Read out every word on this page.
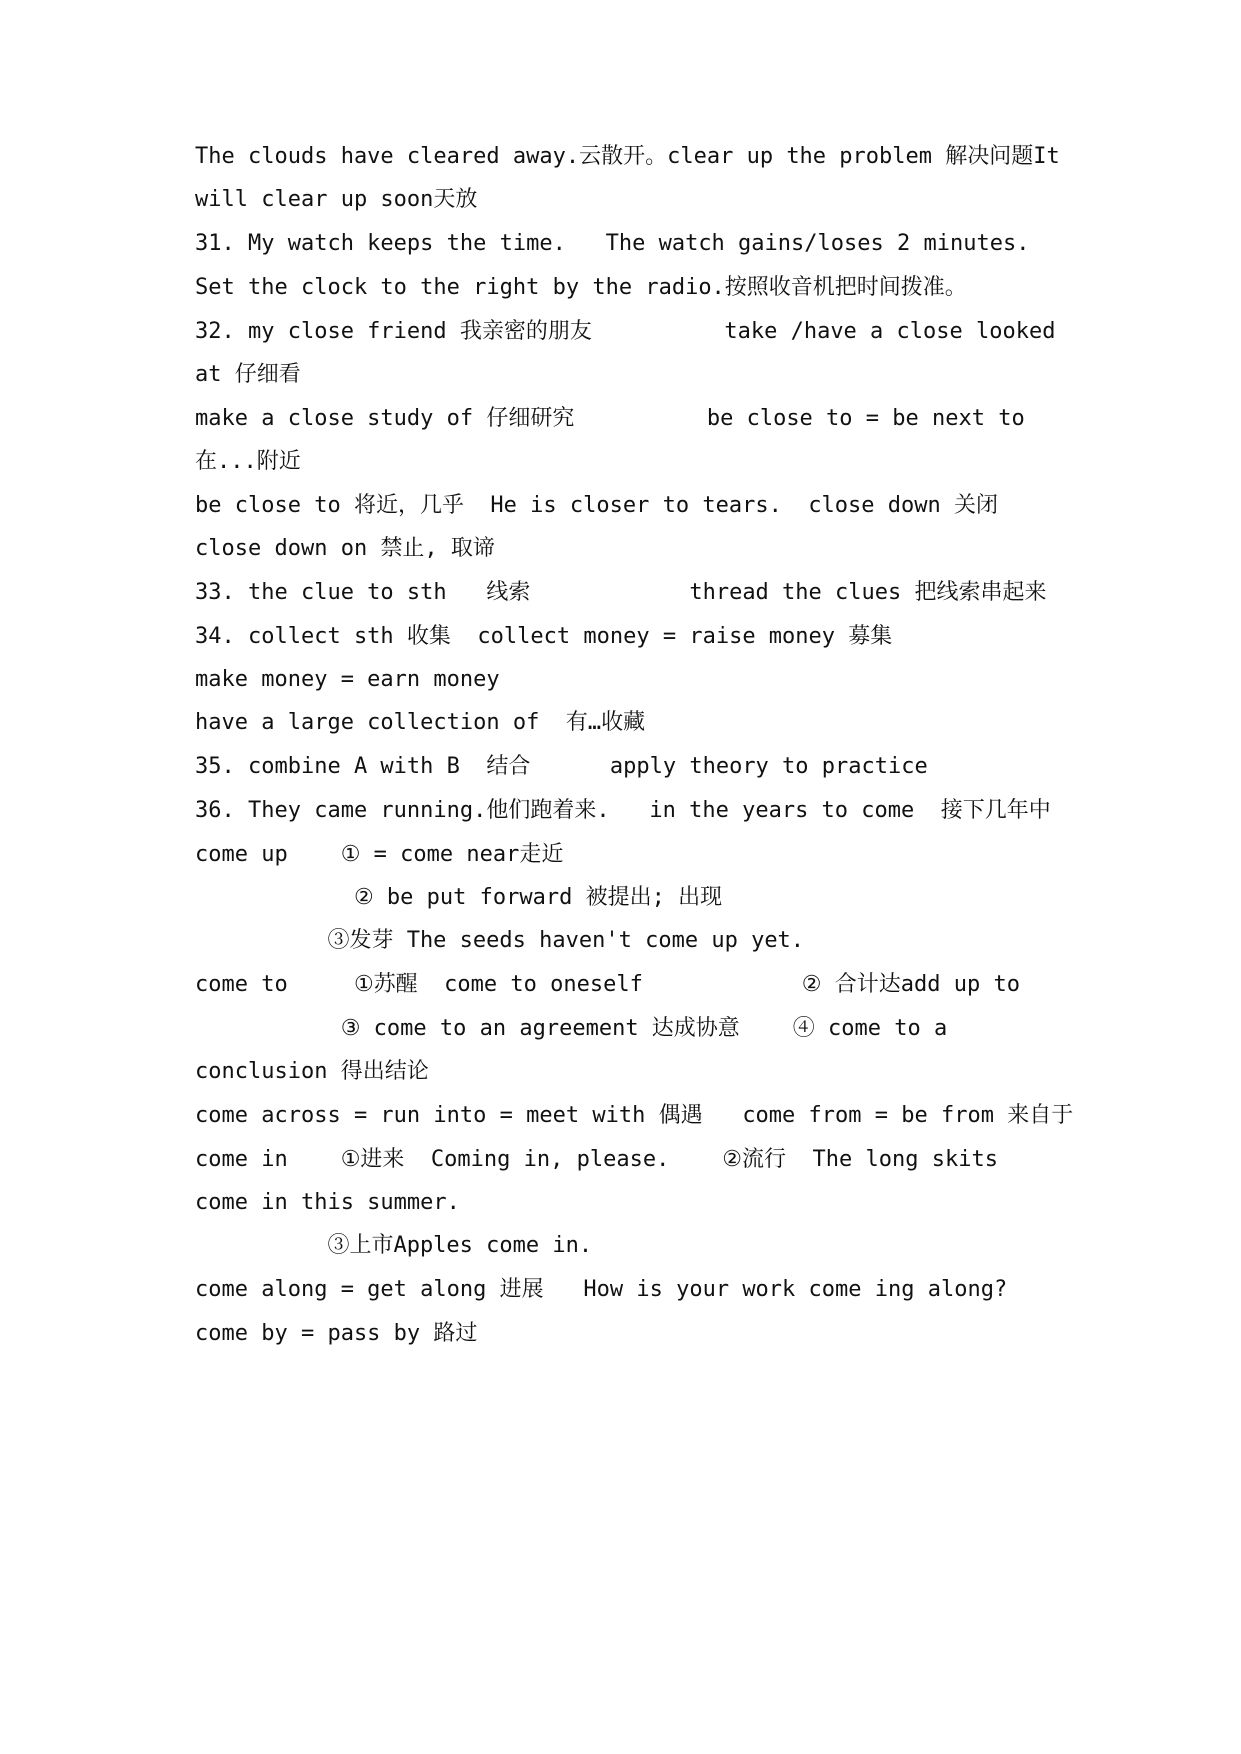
The clouds have cleared away.云散开。clear up the problem 解决问题It
will clear up soon天放
31. My watch keeps the time.   The watch gains/loses 2 minutes.
Set the clock to the right by the radio.按照收音机把时间拨准。
32. my close friend 我亲密的朋友          take /have a close looked
at 仔细看
make a close study of 仔细研究          be close to = be next to
在...附近
be close to 将近，几乎  He is closer to tears.  close down 关闭
close down on 禁止, 取谛
33. the clue to sth   线索            thread the clues 把线索串起来
34. collect sth 收集  collect money = raise money 募集
make money = earn money
have a large collection of  有…收藏
35. combine A with B  结合      apply theory to practice
36. They came running.他们跑着来.   in the years to come  接下几年中
come up    ① = come near走近
② be put forward 被提出; 出现
③发芽 The seeds haven't come up yet.
come to     ①苏醒  come to oneself            ② 合计达add up to
③ come to an agreement 达成协意    ④ come to a
conclusion 得出结论
come across = run into = meet with 偶遇   come from = be from 来自于
come in    ①进来  Coming in, please.    ②流行  The long skits
come in this summer.
③上市Apples come in.
come along = get along 进展   How is your work come ing along?
come by = pass by 路过
